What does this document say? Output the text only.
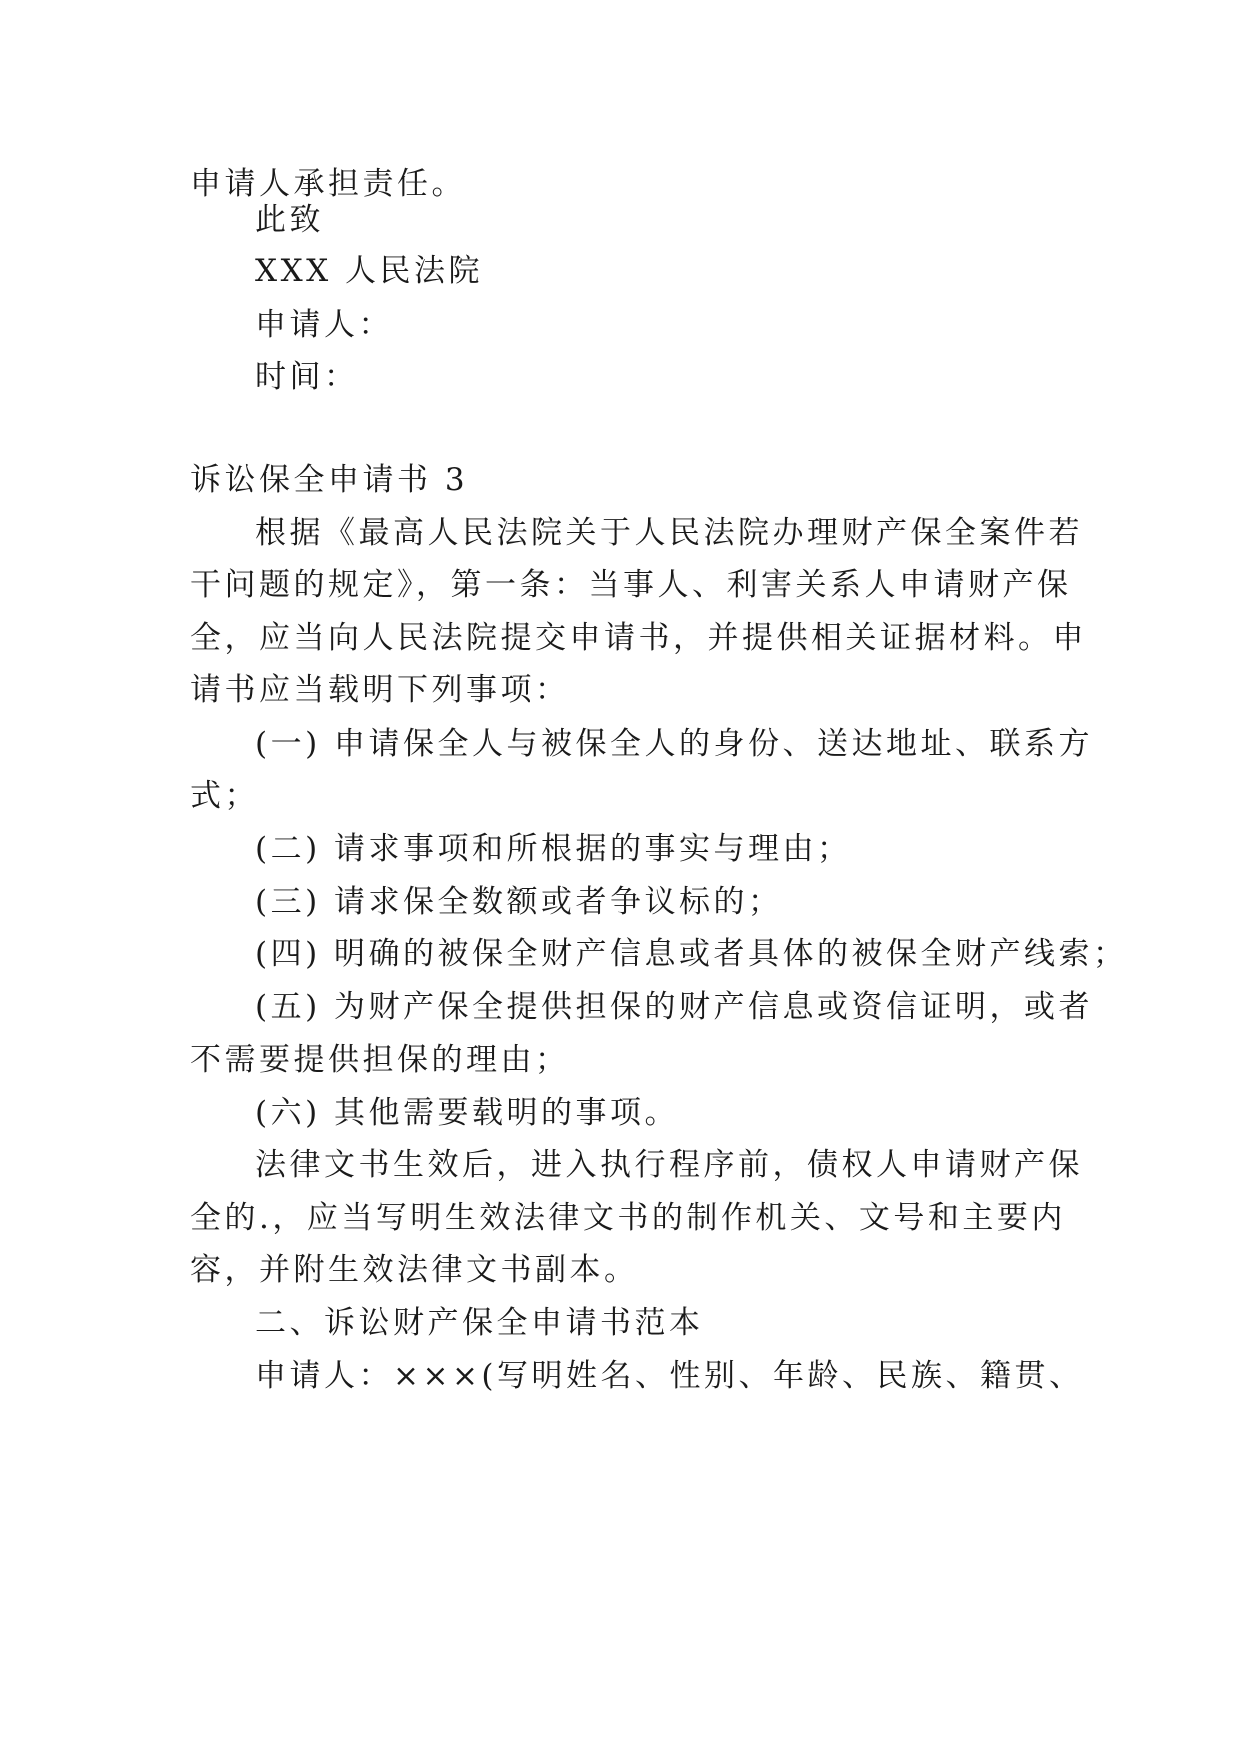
申请人承担责任。
此致
XXX 人民法院
申请人：
时间：
诉讼保全申请书 3
根据《最高人民法院关于人民法院办理财产保全案件若
干问题的规定》，第一条：当事人、利害关系人申请财产保
全，应当向人民法院提交申请书，并提供相关证据材料。申
请书应当载明下列事项：
(一) 申请保全人与被保全人的身份、送达地址、联系方
式；
(二) 请求事项和所根据的事实与理由；
(三) 请求保全数额或者争议标的；
(四) 明确的被保全财产信息或者具体的被保全财产线索；
(五) 为财产保全提供担保的财产信息或资信证明，或者
不需要提供担保的理由；
(六) 其他需要载明的事项。
法律文书生效后，进入执行程序前，债权人申请财产保
全的.，应当写明生效法律文书的制作机关、文号和主要内
容，并附生效法律文书副本。
二、诉讼财产保全申请书范本
申请人：×××(写明姓名、性别、年龄、民族、籍贯、
